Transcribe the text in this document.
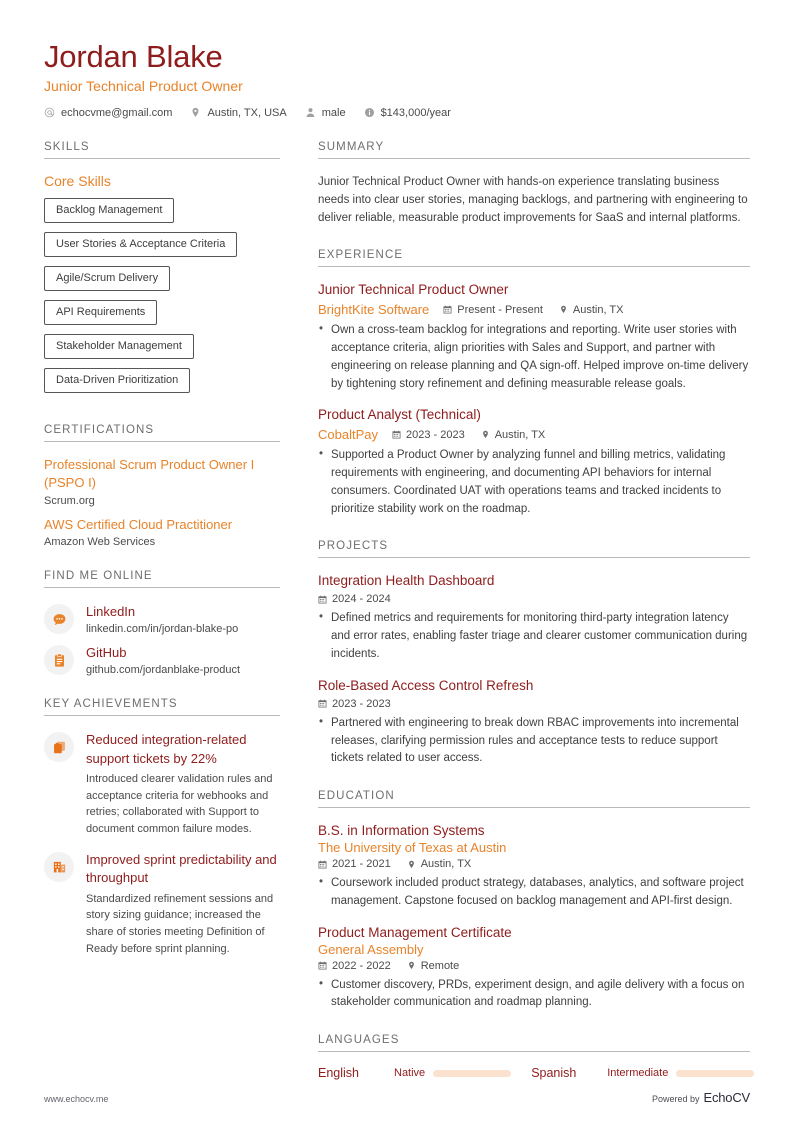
Jordan Blake
Junior Technical Product Owner
echocvme@gmail.com	Austin, TX, USA	male	$143,000/year
SKILLS
Core Skills
Backlog Management
User Stories & Acceptance Criteria
Agile/Scrum Delivery
API Requirements
Stakeholder Management
Data-Driven Prioritization
CERTIFICATIONS
Professional Scrum Product Owner I (PSPO I)
Scrum.org
AWS Certified Cloud Practitioner
Amazon Web Services
FIND ME ONLINE
LinkedIn
linkedin.com/in/jordan-blake-po
GitHub
github.com/jordanblake-product
KEY ACHIEVEMENTS
Reduced integration-related support tickets by 22%
Introduced clearer validation rules and acceptance criteria for webhooks and retries; collaborated with Support to document common failure modes.
Improved sprint predictability and throughput
Standardized refinement sessions and story sizing guidance; increased the share of stories meeting Definition of Ready before sprint planning.
SUMMARY
Junior Technical Product Owner with hands-on experience translating business needs into clear user stories, managing backlogs, and partnering with engineering to deliver reliable, measurable product improvements for SaaS and internal platforms.
EXPERIENCE
Junior Technical Product Owner
BrightKite Software	Present - Present	Austin, TX
• Own a cross-team backlog for integrations and reporting. Write user stories with acceptance criteria, align priorities with Sales and Support, and partner with engineering on release planning and QA sign-off. Helped improve on-time delivery by tightening story refinement and defining measurable release goals.
Product Analyst (Technical)
CobaltPay	2023 - 2023	Austin, TX
• Supported a Product Owner by analyzing funnel and billing metrics, validating requirements with engineering, and documenting API behaviors for internal consumers. Coordinated UAT with operations teams and tracked incidents to prioritize stability work on the roadmap.
PROJECTS
Integration Health Dashboard
2024 - 2024
• Defined metrics and requirements for monitoring third-party integration latency and error rates, enabling faster triage and clearer customer communication during incidents.
Role-Based Access Control Refresh
2023 - 2023
• Partnered with engineering to break down RBAC improvements into incremental releases, clarifying permission rules and acceptance tests to reduce support tickets related to user access.
EDUCATION
B.S. in Information Systems
The University of Texas at Austin
2021 - 2021	Austin, TX
• Coursework included product strategy, databases, analytics, and software project management. Capstone focused on backlog management and API-first design.
Product Management Certificate
General Assembly
2022 - 2022	Remote
• Customer discovery, PRDs, experiment design, and agile delivery with a focus on stakeholder communication and roadmap planning.
LANGUAGES
English	Native	Spanish	Intermediate
www.echocv.me	Powered by EchoCV
